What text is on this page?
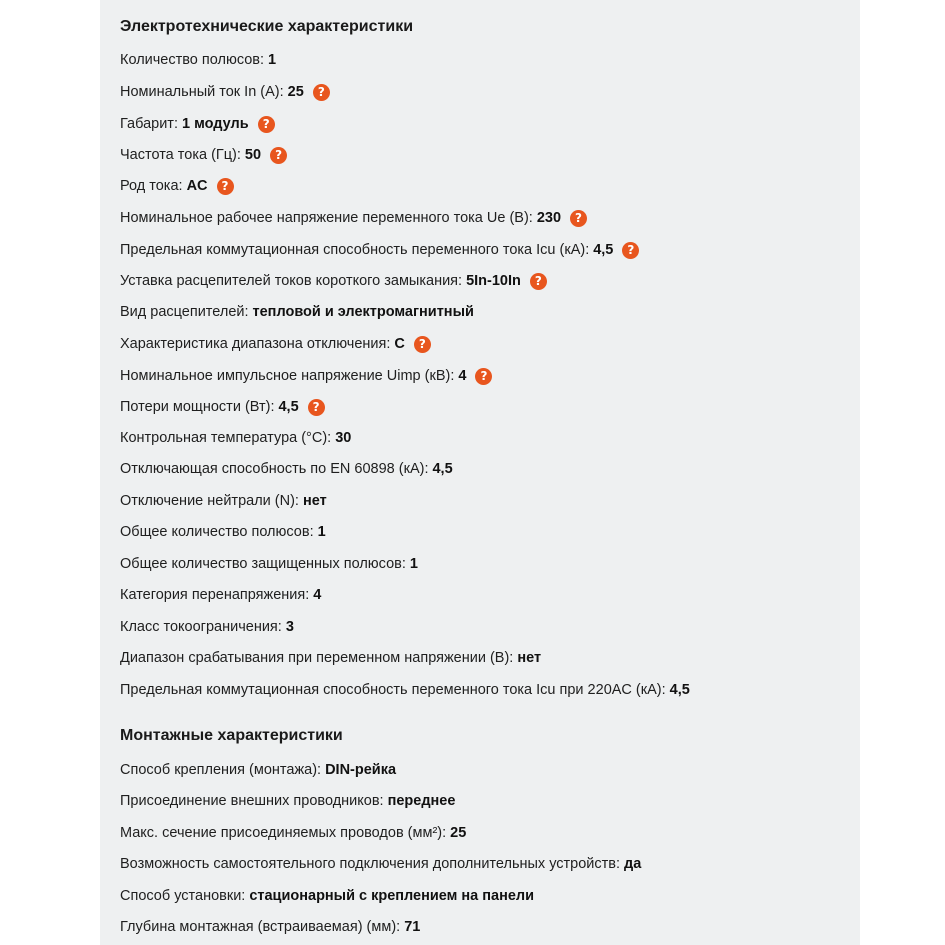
Электротехнические характеристики
Количество полюсов: 1
Номинальный ток In (А): 25	?
Габарит: 1 модуль	?
Частота тока (Гц): 50	?
Род тока: AC	?
Номинальное рабочее напряжение переменного тока Ue (В): 230	?
Предельная коммутационная способность переменного тока Icu (кА): 4,5	?
Уставка расцепителей токов короткого замыкания: 5In-10In	?
Вид расцепителей: тепловой и электромагнитный
Характеристика диапазона отключения: C	?
Номинальное импульсное напряжение Uimp (кВ): 4	?
Потери мощности (Вт): 4,5	?
Контрольная температура (°C): 30
Отключающая способность по EN 60898 (кА): 4,5
Отключение нейтрали (N): нет
Общее количество полюсов: 1
Общее количество защищенных полюсов: 1
Категория перенапряжения: 4
Класс токоограничения: 3
Диапазон срабатывания при переменном напряжении (В): нет
Предельная коммутационная способность переменного тока Icu при 220AC (кА): 4,5
Монтажные характеристики
Способ крепления (монтажа): DIN-рейка
Присоединение внешних проводников: переднее
Макс. сечение присоединяемых проводов (мм²): 25
Возможность самостоятельного подключения дополнительных устройств: да
Способ установки: стационарный с креплением на панели
Глубина монтажная (встраиваемая) (мм): 71
